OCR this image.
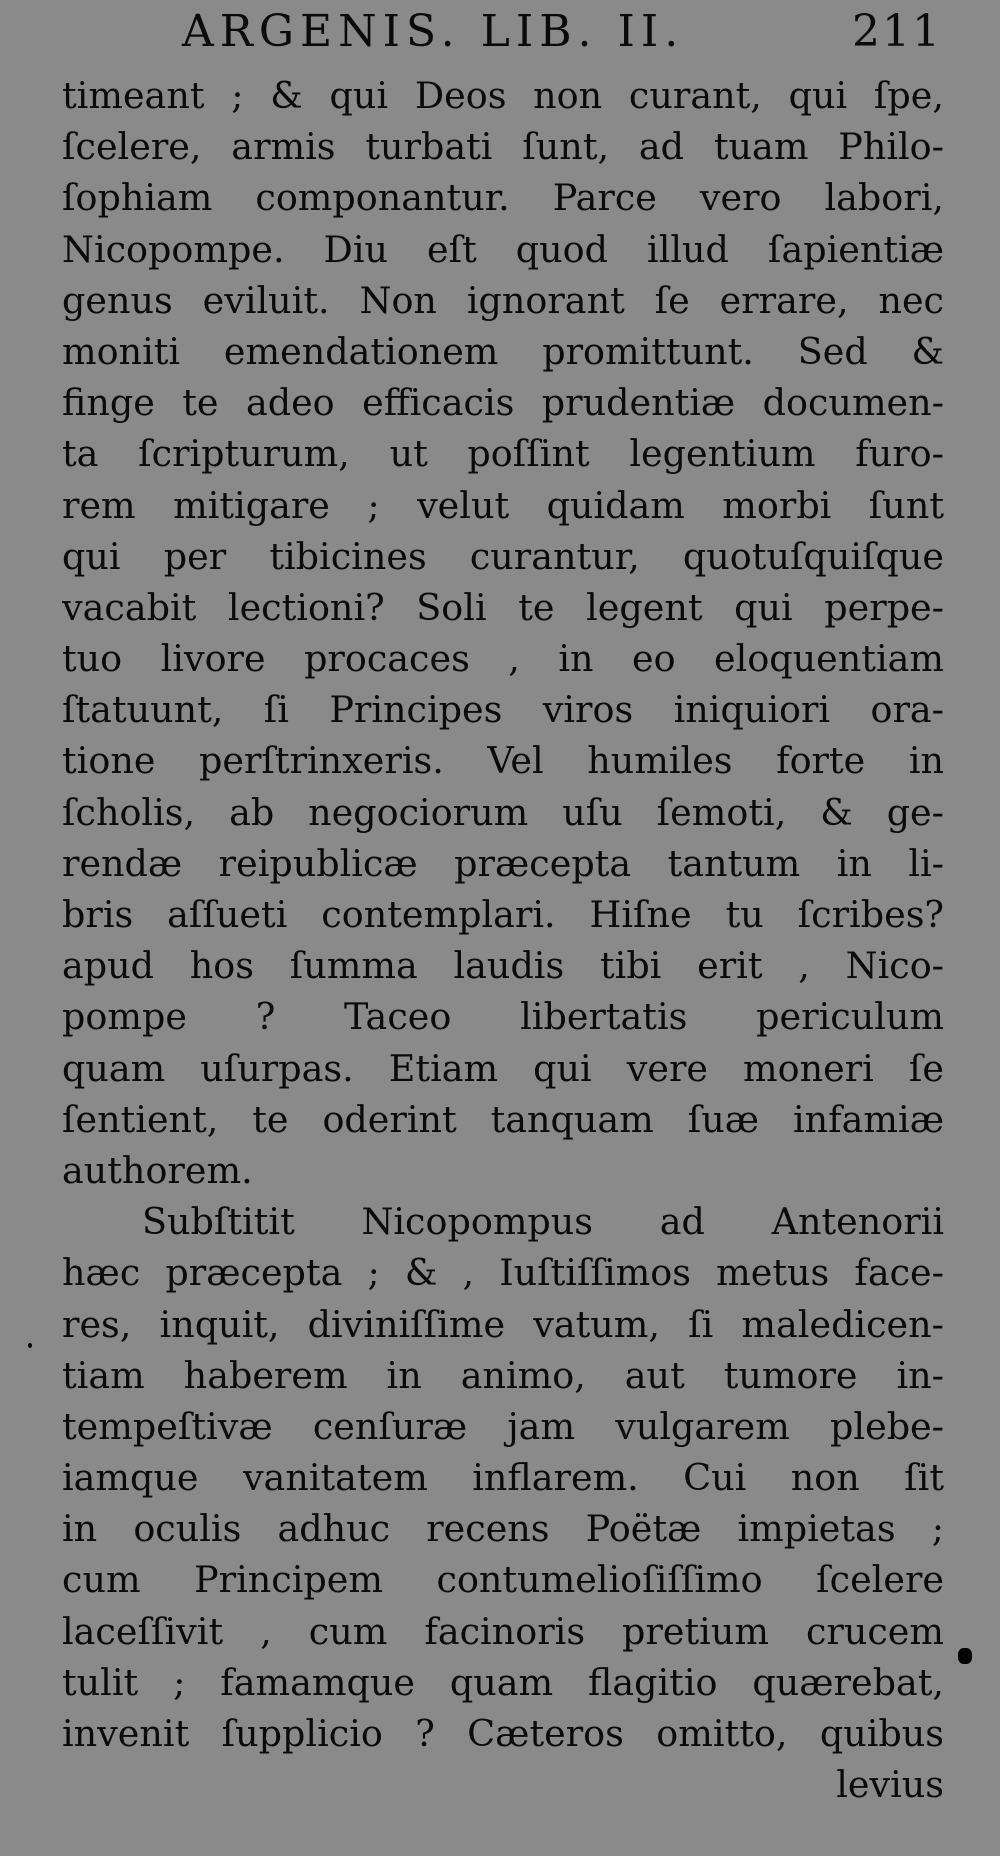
ARGENIS. LIB. II.	211
timeant ; & qui Deos non curant, qui ſpe,
ſcelere, armis turbati ſunt, ad tuam Philo-
ſophiam componantur. Parce vero labori,
Nicopompe. Diu eſt quod illud ſapientiæ
genus eviluit. Non ignorant ſe errare, nec
moniti emendationem promittunt. Sed &
finge te adeo efficacis prudentiæ documen-
ta ſcripturum, ut poſſint legentium furo-
rem mitigare ; velut quidam morbi ſunt
qui per tibicines curantur, quotuſquiſque
vacabit lectioni? Soli te legent qui perpe-
tuo livore procaces , in eo eloquentiam
ſtatuunt, ſi Principes viros iniquiori ora-
tione perſtrinxeris. Vel humiles forte in
ſcholis, ab negociorum uſu ſemoti, & ge-
rendæ reipublicæ præcepta tantum in li-
bris aſſueti contemplari. Hiſne tu ſcribes?
apud hos ſumma laudis tibi erit , Nico-
pompe ? Taceo libertatis periculum
quam uſurpas. Etiam qui vere moneri ſe
ſentient, te oderint tanquam ſuæ infamiæ
authorem.
Subſtitit Nicopompus ad Antenorii
hæc præcepta ; & , Iuſtiſſimos metus face-
res, inquit, diviniſſime vatum, ſi maledicen-
tiam haberem in animo, aut tumore in-
tempeſtivæ cenſuræ jam vulgarem plebe-
iamque vanitatem inflarem. Cui non ſit
in oculis adhuc recens Poëtæ impietas ;
cum Principem contumelioſiſſimo ſcelere
laceſſivit , cum facinoris pretium crucem
tulit ; famamque quam flagitio quærebat,
invenit ſupplicio ? Cæteros omitto, quibus
levius
